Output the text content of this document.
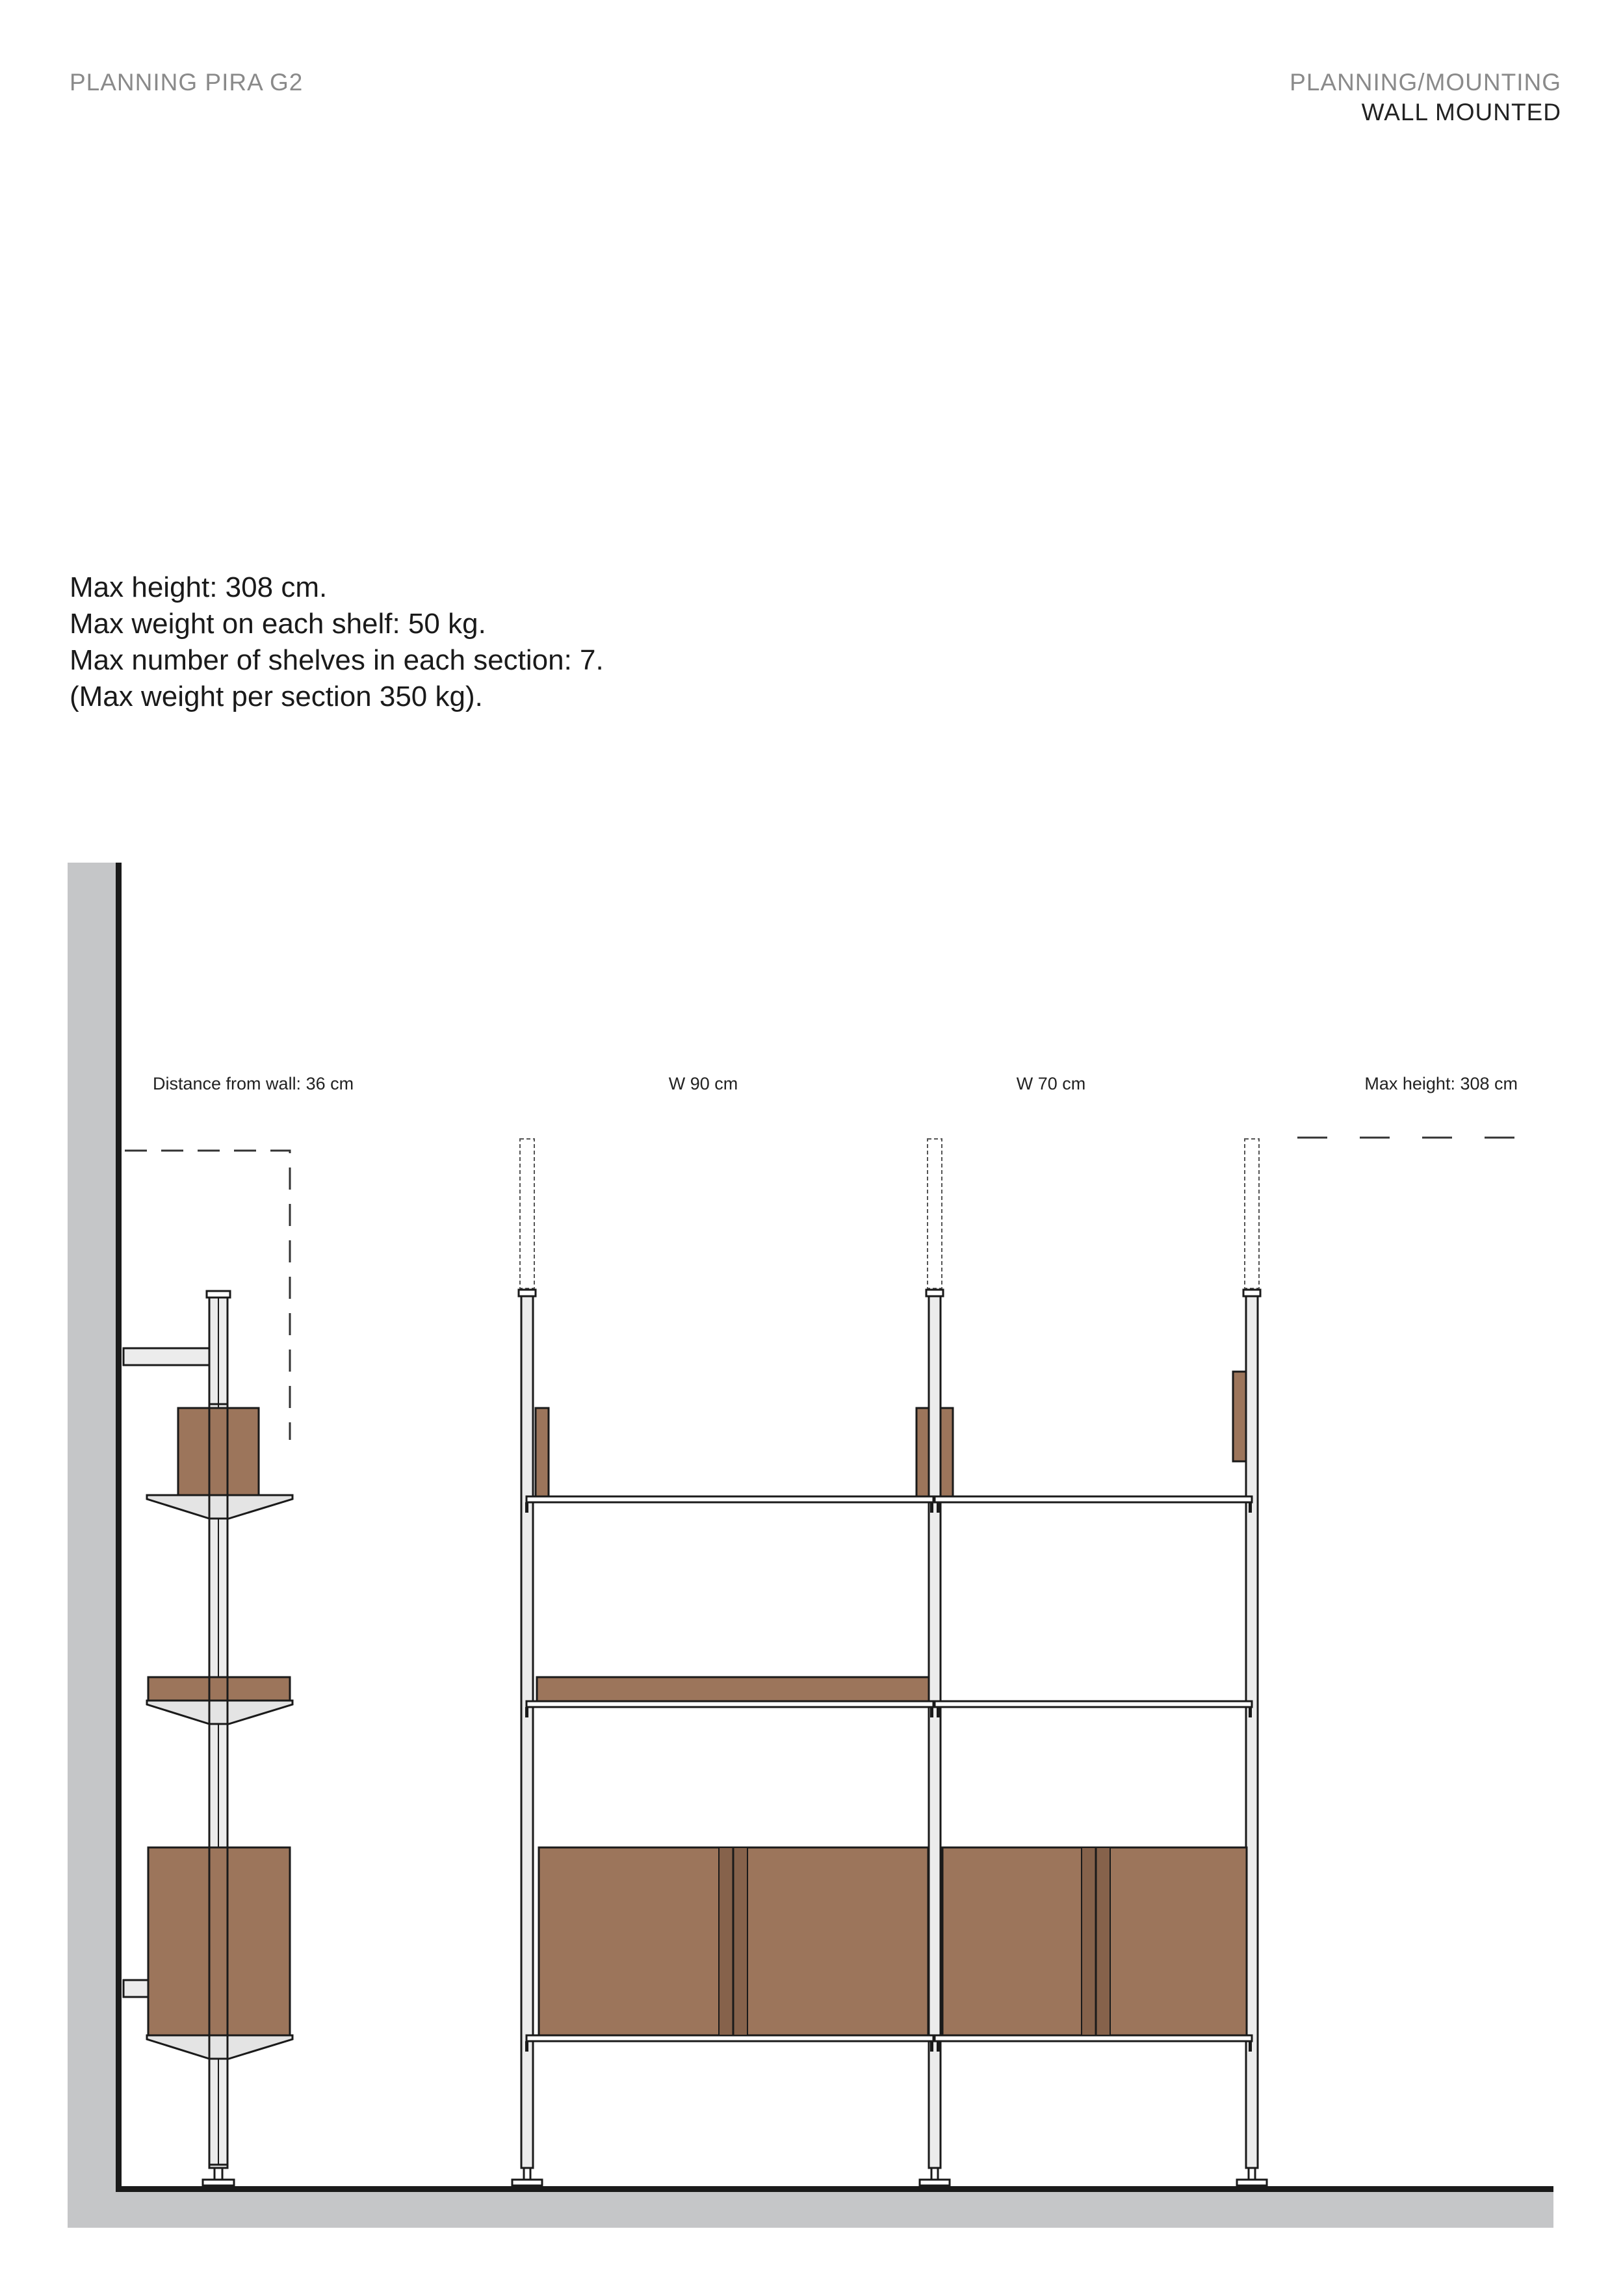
PLANNING PIRA G2	PLANNING/MOUNTING
WALL MOUNTED
Max height: 308 cm.
Max weight on each shelf: 50 kg.
Max number of shelves in each section: 7.
(Max weight per section 350 kg).
Distance from wall: 36 cm	W 90 cm	W 70 cm	Max height: 308 cm
